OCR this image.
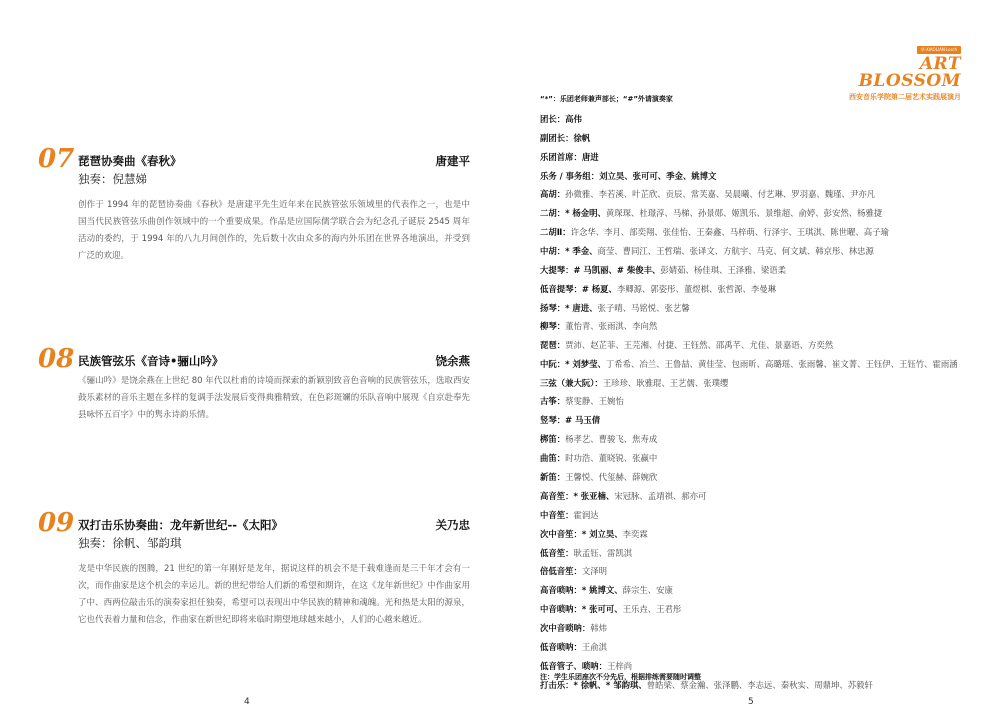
07 琵琶协奏曲《春秋》	唐建平
独奏：倪慧娣
创作于 1994 年的琵琶协奏曲《春秋》是唐建平先生近年来在民族管弦乐领域里的代表作之一，也是中国当代民族管弦乐曲创作领域中的一个重要成果。作品是应国际儒学联合会为纪念孔子诞辰 2545 周年活动的委约，于 1994 年的八九月间创作的，先后数十次由众多的海内外乐团在世界各地演出，并受到广泛的欢迎。
08 民族管弦乐《音诗•骊山吟》	饶余燕
《骊山吟》是饶余燕在上世纪 80 年代以杜甫的诗境而探索的新颖别致音色音响的民族管弦乐，选取西安鼓乐素材的音乐主题在多样的复调手法发展后变得典雅精致，在色彩斑斓的乐队音响中展现《自京赴奉先县咏怀五百字》中的隽永诗韵乐情。
09 双打击乐协奏曲：龙年新世纪--《太阳》	关乃忠
独奏：徐帆、邹韵琪
龙是中华民族的图腾，21 世纪的第一年刚好是龙年，据说这样的机会不是千载难逢而是三千年才会有一次，而作曲家是这个机会的幸运儿。新的世纪带给人们新的希望和期许，在这《龙年新世纪》中作曲家用了中、西两位敲击乐的演奏家担任独奏，希望可以表现出中华民族的精神和魂魄。光和热是太阳的源泉，它也代表着力量和信念，作曲家在新世纪即将来临时期望地球越来越小，人们的心越来越近。
4
华·XIAOLIAN·Lorch
ART BLOSSOM
西安音乐学院第二届艺术实践展演月
“*”：乐团老师兼声部长；“#”外请演奏家
团长：高伟
副团长：徐帆
乐团首席：唐进
乐务 / 事务组：刘立昊、张可可、季金、姚博文
高胡：孙微雅、李若溪、叶芷欣、贡辰、常芙嘉、吴晨曦、付艺琳、罗羽嘉、魏瑾、尹亦凡
二胡：* 杨金明、黄琛琛、杜璟淳、马梯、孙景郧、姬凯乐、景维超、俞婷、彭安然、杨雅捷
二胡Ⅱ：许念华、李月、部奕翔、张佳怡、王秦鑫、马梓萌、行泽宇、王琪淇、陈世曜、高子瑜
中胡：* 季金、商莹、曹同江、王哲瑞、张译文、方航宇、马克、何文斌、韩京彤、林忠源
大提琴：# 马凯丽、# 柴俊丰、彭婧茹、杨佳琪、王泽雅、梁语柔
低音提琴：# 杨夏、李卿源、郭姿彤、董煜棋、张哲源、李曼琳
扬琴：* 唐进、张子晴、马铭悦、张艺馨
柳琴：董怡青、张雨淇、李向然
琵琶：贾沛、赵芷菲、王芫湘、付捷、王钰然、邵禹芊、尤佳、景嘉语、方奕然
中阮：* 刘梦莹、丁希希、冶兰、王鲁喆、黄佳莹、包雨昕、高璐瑶、张雨馨、崔文菁、王钰伊、王钰竹、霍雨涵
三弦（兼大阮）：王珍珍、耿雅琨、王艺儒、张璞缨
古筝：蔡雯静、王婉怡
竖琴：# 马玉倩
梆笛：杨孝艺、曹骏飞、焦寿成
曲笛：时功浩、董晓锐、张赢中
新笛：王馨悦、代玺赫、薛婉欣
高音笙：* 张亚楠、宋冠脉、孟靖祺、郝亦可
中音笙：霍润达
次中音笙：* 刘立昊、李奕霖
低音笙：耿孟钰、雷凯淇
倍低音笙：文泽明
高音唢呐：* 姚博文、薛宗生、安康
中音唢呐：* 张可可、王乐垚、王君彤
次中音唢呐：韩炜
低音唢呐：王俞淇
低音管子、唢呐：王梓尚
打击乐：* 徐帆、* 邹韵琪、曾皓梁、蔡金瀚、张泽鹏、李志远、秦秋实、周鼎坤、苏毅轩
注：学生乐团座次不分先后，根据排练需要随时调整
5
